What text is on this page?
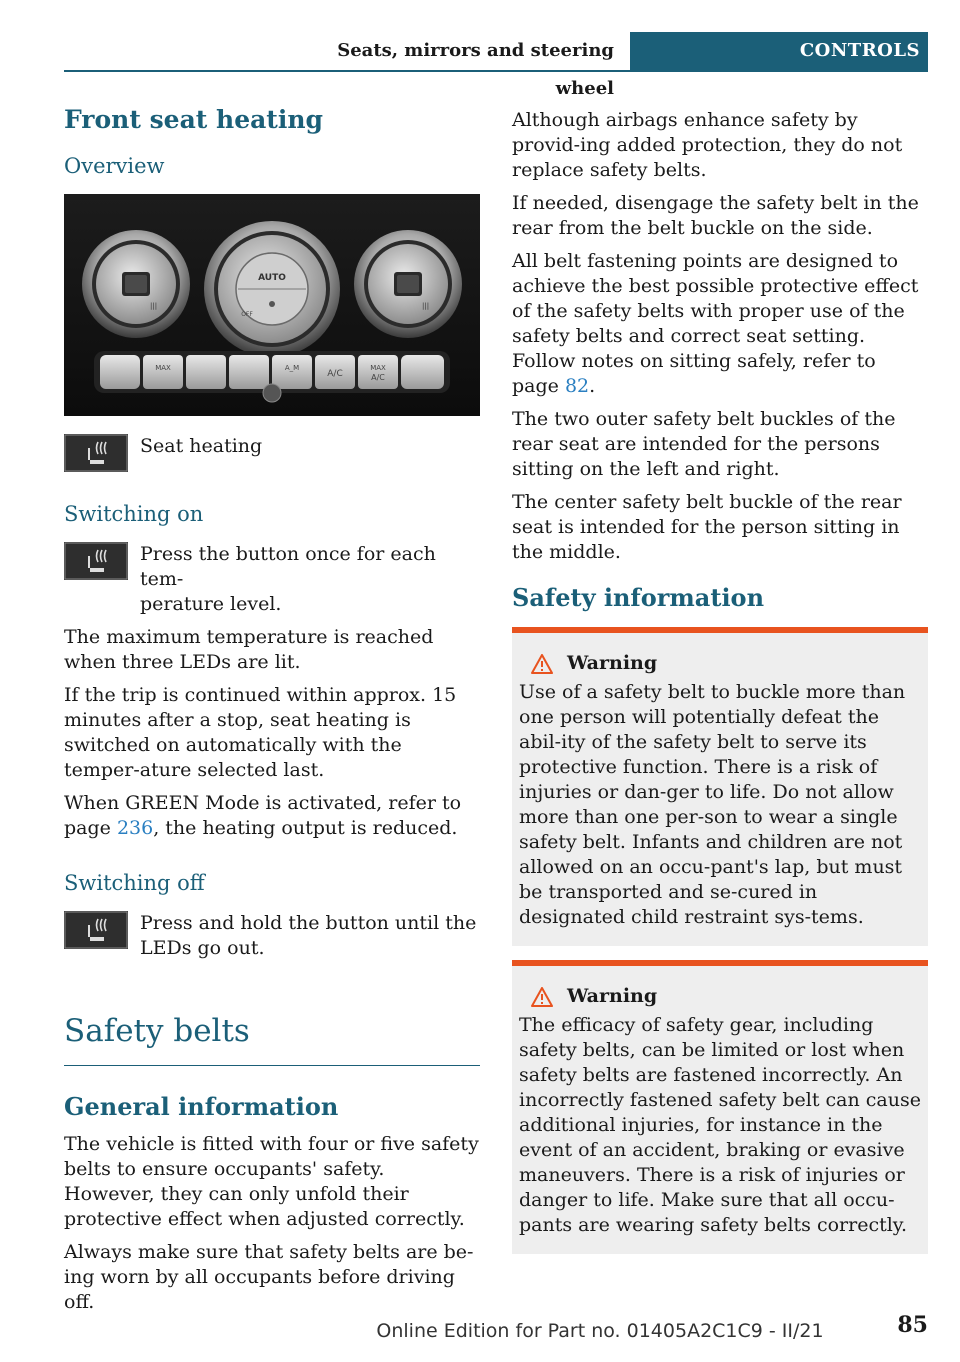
Seats, mirrors and steering wheel
CONTROLS
Front seat heating
Overview
|||
AUTO
OFF
|||
MAX	A_M
A/C
MAX
A/C
Seat heating
Switching on
Press the button once for each tem-
perature level.
The maximum temperature is reached when three LEDs are lit.
If the trip is continued within approx. 15 minutes after a stop, seat heating is switched on automatically with the temper-ature selected last.
When GREEN Mode is activated, refer to page 236, the heating output is reduced.
Switching off
Press and hold the button until the LEDs go out.
Safety belts
General information
The vehicle is fitted with four or five safety belts to ensure occupants' safety. However, they can only unfold their protective effect when adjusted correctly.
Always make sure that safety belts are be-ing worn by all occupants before driving off.
Although airbags enhance safety by provid-ing added protection, they do not replace safety belts.
If needed, disengage the safety belt in the rear from the belt buckle on the side.
All belt fastening points are designed to achieve the best possible protective effect of the safety belts with proper use of the safety belts and correct seat setting. Follow notes on sitting safely, refer to page 82.
The two outer safety belt buckles of the rear seat are intended for the persons sitting on the left and right.
The center safety belt buckle of the rear seat is intended for the person sitting in the middle.
Safety information
Warning
Use of a safety belt to buckle more than one person will potentially defeat the abil-ity of the safety belt to serve its protective function. There is a risk of injuries or dan-ger to life. Do not allow more than one per-son to wear a single safety belt. Infants and children are not allowed on an occu-pant's lap, but must be transported and se-cured in designated child restraint sys-tems.
Warning
The efficacy of safety gear, including safety belts, can be limited or lost when safety belts are fastened incorrectly. An incorrectly fastened safety belt can cause additional injuries, for instance in the event of an accident, braking or evasive maneuvers. There is a risk of injuries or danger to life. Make sure that all occu-pants are wearing safety belts correctly.
Online Edition for Part no. 01405A2C1C9 - II/21	85
